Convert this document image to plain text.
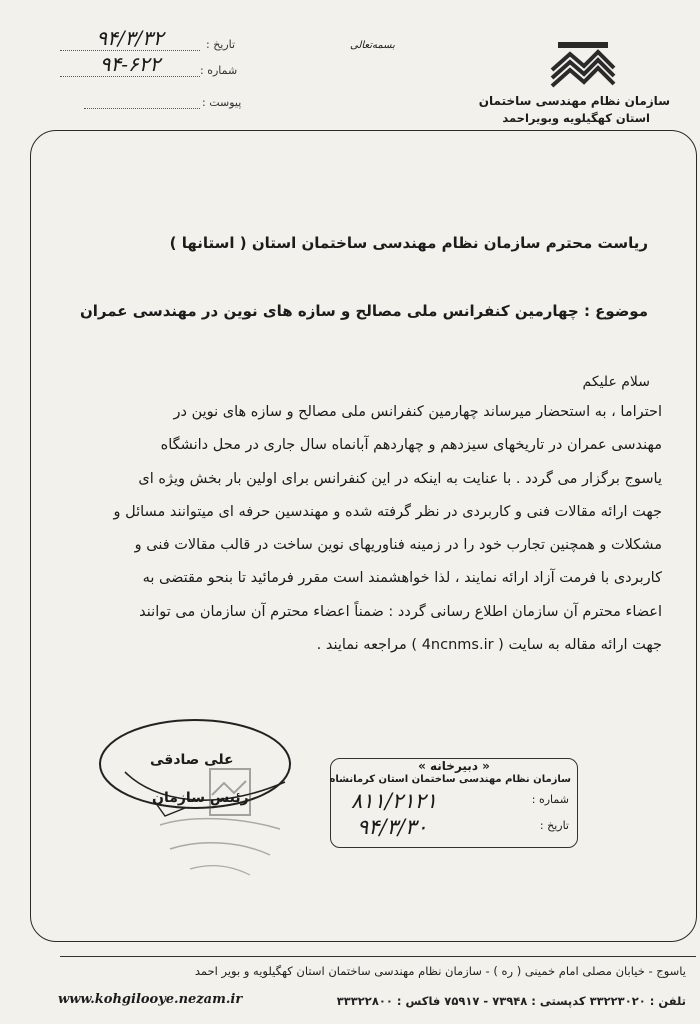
سازمان نظام مهندسی ساختمان
استان کهگیلویه وبویراحمد
بسمه‌تعالی
تاریخ :
۹۴/۳/۳۲
شماره :
۹۴-۶۲۲
پیوست :
ریاست محترم سازمان نظام مهندسی ساختمان استان ( استانها )
موضوع : چهارمین کنفرانس ملی مصالح و سازه های نوین در مهندسی عمران
سلام علیکم
احتراما ، به استحضار میرساند چهارمین کنفرانس ملی مصالح و سازه های نوین در
مهندسی عمران در تاریخهای سیزدهم و چهاردهم آبانماه سال جاری در محل دانشگاه
یاسوج برگزار می گردد . با عنایت به اینکه در این کنفرانس برای اولین بار بخش ویژه ای
جهت ارائه مقالات فنی و کاربردی در نظر گرفته شده و مهندسین حرفه ای میتوانند مسائل و
مشکلات و همچنین تجارب خود را در زمینه فناوریهای نوین ساخت در قالب مقالات فنی و
کاربردی با فرمت آزاد ارائه نمایند ، لذا خواهشمند است مقرر فرمائید تا بنحو مقتضی به
اعضاء محترم آن سازمان اطلاع رسانی گردد : ضمناً اعضاء محترم آن سازمان می توانند
جهت ارائه مقاله به سایت ( 4ncnms.ir ) مراجعه نمایند .
علی صادقی
رئیس سازمان
« دبیرخانه »
سازمان نظام مهندسی ساختمان استان کرمانشاه
شماره :
۸۱۱/۲۱۲۱
تاریخ :
۹۴/۳/۳۰
یاسوج - خیابان مصلی امام خمینی ( ره ) - سازمان نظام مهندسی ساختمان استان کهگیلویه و بویر احمد
www.kohgilooye.nezam.ir	تلفن : ۳۳۲۲۳۰۲۰ کدپستی : ۷۳۹۴۸ - ۷۵۹۱۷ فاکس : ۳۳۳۲۲۸۰۰
